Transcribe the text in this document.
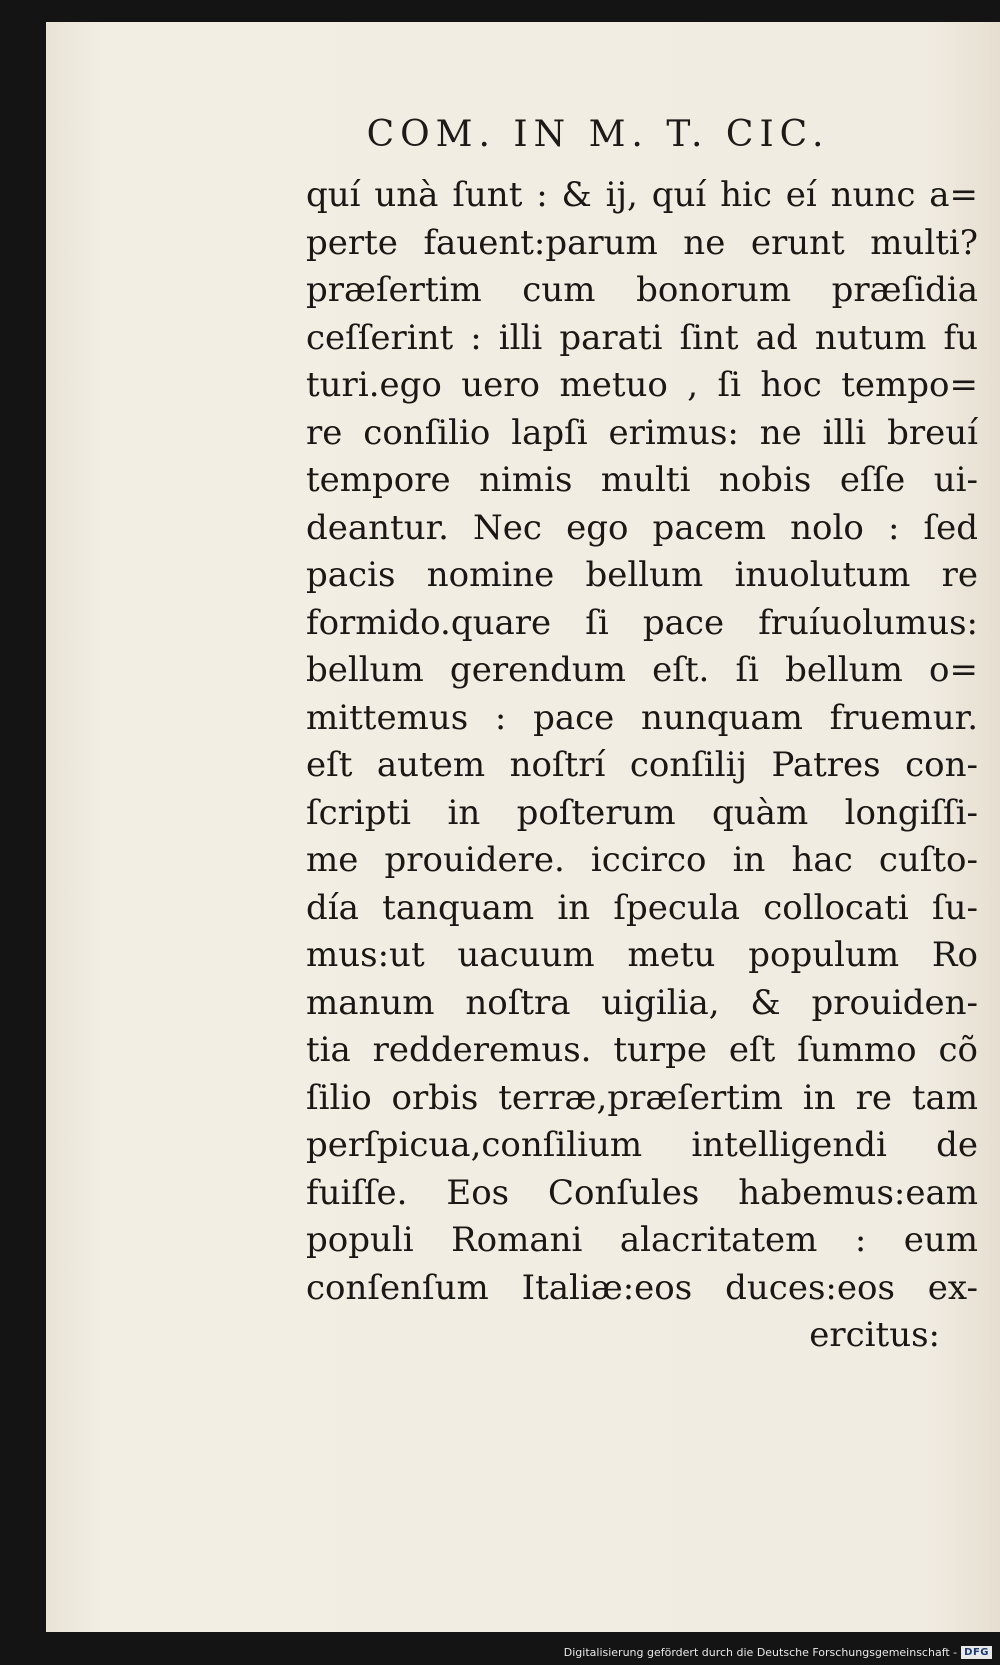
COM. IN M. T. CIC.
quí unà ſunt : & ij, quí hic eí nunc a=
perte fauent:parum ne erunt multi?
præſertim cum bonorum præſidia
ceſſerint : illi parati ſint ad nutum fu
turi.ego uero metuo , ſi hoc tempo=
re conſilio lapſi erimus: ne illi breuí
tempore nimis multi nobis eſſe ui-
deantur. Nec ego pacem nolo : ſed
pacis nomine bellum inuolutum re
formido.quare ſi pace fruíuolumus:
bellum gerendum eſt. ſi bellum o=
mittemus : pace nunquam fruemur.
eſt autem noſtrí conſilij Patres con-
ſcripti in poſterum quàm longiſſi-
me prouidere. iccirco in hac cuſto-
día tanquam in ſpecula collocati ſu-
mus:ut uacuum metu populum Ro
manum noſtra uigilia, & prouiden-
tia redderemus. turpe eſt ſummo cõ
ſilio orbis terræ,præſertim in re tam
perſpicua,conſilium intelligendi de
fuiſſe. Eos Conſules habemus:eam
populi Romani alacritatem : eum
conſenſum Italiæ:eos duces:eos ex-
ercitus:
Digitalisierung gefördert durch die Deutsche Forschungsgemeinschaft - DFG
